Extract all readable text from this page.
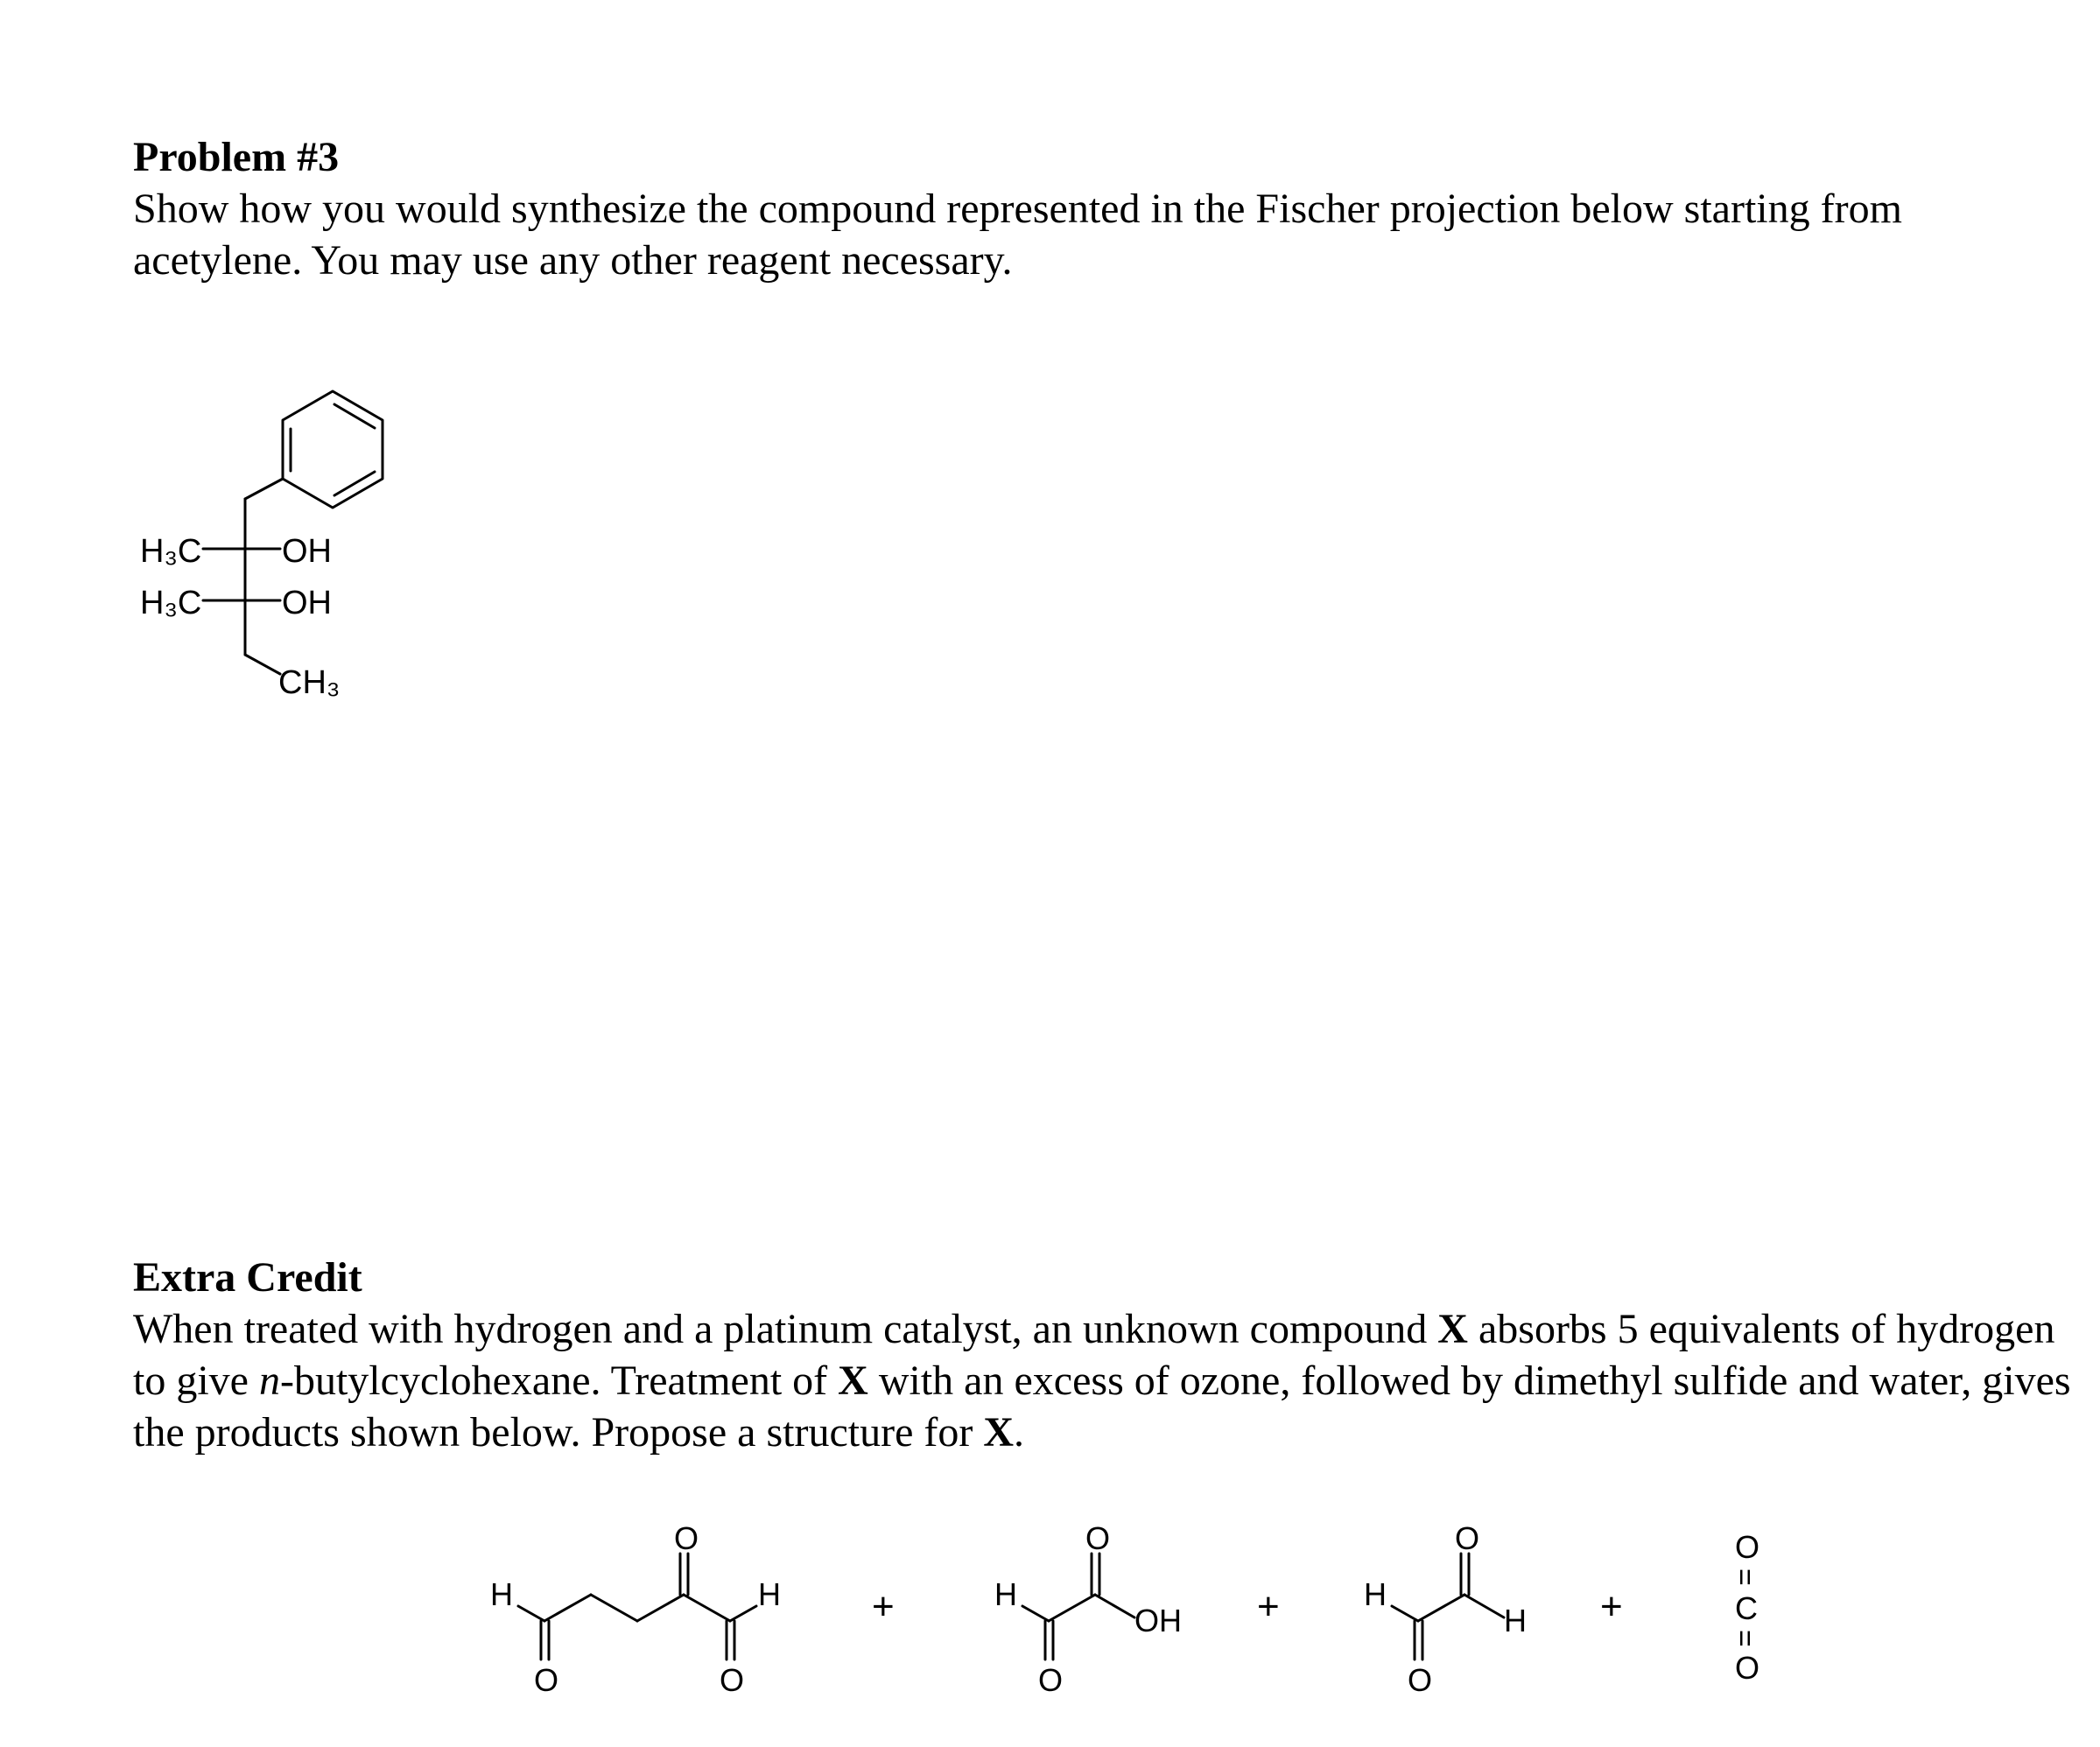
Problem #3
Show how you would synthesize the compound represented in the Fischer projection below starting from acetylene. You may use any other reagent necessary.
Extra Credit
When treated with hydrogen and a platinum catalyst, an unknown compound X absorbs 5 equivalents of hydrogen to give n-butylcyclohexane. Treatment of X with an excess of ozone, followed by dimethyl sulfide and water, gives the products shown below. Propose a structure for X.
H₃C OH
H₃C OH
CH₃
H
O
H
O	O
+	H
O
OH
O
+	H
O
H
O
+
O
=
C
=
O
